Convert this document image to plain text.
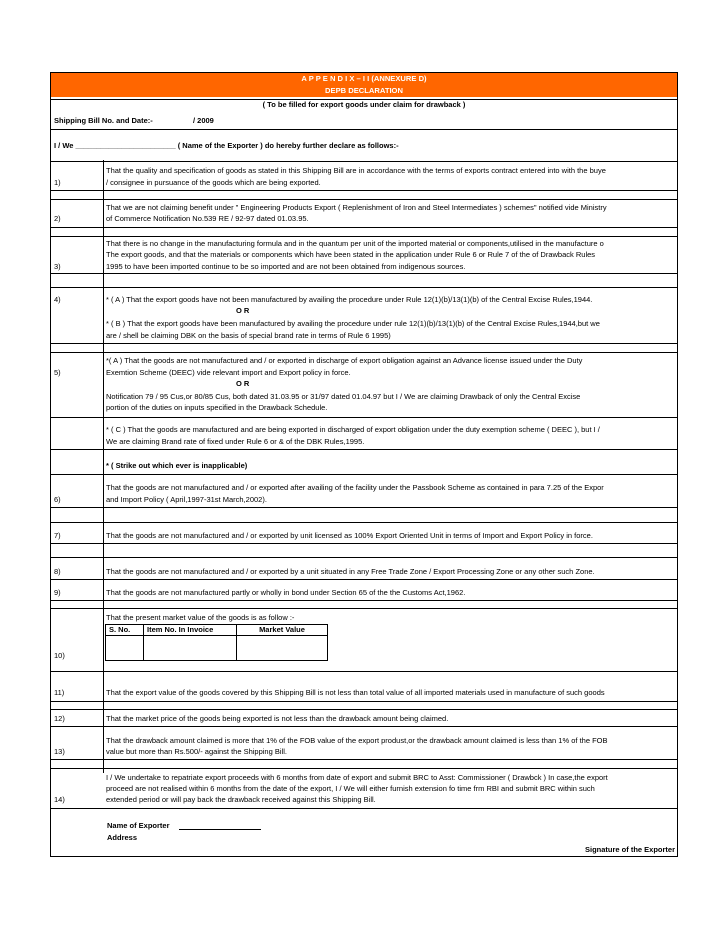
A P P E N D I X – I I (ANNEXURE D)
DEPB DECLARATION
( To be filled for export goods under claim for drawback )
Shipping Bill No. and Date:-	/ 2009
I / We ________________________ ( Name of the Exporter ) do hereby further declare as follows:-
That the quality and specification of goods as stated in this Shipping Bill are in accordance with the terms of exports contract entered into with the buye
1)	/ consignee in pursuance of the goods which are being exported.
That we are not claiming benefit under " Engineering Products Export ( Replenishment of Iron and Steel Intermediates ) schemes" notified vide Ministry
2)	of Commerce Notification No.539 RE / 92-97 dated 01.03.95.
That there is no change in the manufacturing formula and in the quantum per unit of the imported material or components,utilised in the manufacture o
The export goods, and that the materials or components which have been stated in the application under Rule 6 or Rule 7 of the of Drawback Rules
3)	1995 to have been imported continue to be so imported and are not been obtained from indigenous sources.
4)	* ( A ) That the export goods have not been manufactured by availing the procedure under Rule 12(1)(b)/13(1)(b) of the Central Excise Rules,1944.
O R
* ( B ) That the export goods have been manufactured by availing the procedure under rule 12(1)(b)/13(1)(b) of the Central Excise Rules,1944,but we
are / shell be claiming DBK on the basis of special brand rate in terms of Rule 6 1995)
*( A ) That the goods are not manufactured and / or exported in discharge of export obligation against an Advance license issued under the Duty
5)	Exemtion Scheme (DEEC) vide relevant import and Export policy in force.
O R
Notification 79 / 95 Cus,or 80/85 Cus, both dated 31.03.95 or 31/97 dated 01.04.97 but I / We are claiming Drawback of only the Central Excise
portion of the duties on inputs specified in the Drawback Schedule.
* ( C ) That the goods are manufactured and are being exported in discharged of export obligation under the duty exemption scheme ( DEEC ), but I /
We are claiming Brand rate of fixed under Rule 6 or & of the DBK Rules,1995.
* ( Strike out which ever is inapplicable)
That the goods are not manufactured and / or exported after availing of the facility under the Passbook Scheme as contained in para 7.25 of the Expor
6)	and Import Policy ( April,1997-31st March,2002).
7)	That the goods are not manufactured and / or exported by unit licensed as 100% Export Oriented Unit in terms of Import and Export Policy in force.
8)	That the goods are not manufactured and / or exported by a unit situated in any Free Trade Zone / Export Processing Zone or any other such Zone.
9)	That the goods are not manufactured partly or wholly in bond under Section 65 of the the Customs Act,1962.
That the present market value of the goods is as follow :-
S. No.	Item No. In Invoice	Market Value

10)
11)	That the export value of the goods covered by this Shipping Bill is not less than total value of all imported materials used in manufacture of such goods
12)	That the market price of the goods being exported is not less than the drawback amount being claimed.
That the drawback amount claimed is more that 1% of the FOB value of the export produst,or the drawback amount claimed is less than 1% of the FOB
13)	value but more than Rs.500/- against the Shipping Bill.
I / We undertake to repatriate export proceeds with 6 months from date of export and submit BRC to Asst: Commissioner ( Drawbck ) In case,the export
proceed are not realised within 6 months from the date of the export, I / We will either furnish extension fo time frm RBI and submit BRC within such
14)	extended period or will pay back the drawback received against this Shipping Bill.
Name of Exporter
Address
Signature of the Exporter
